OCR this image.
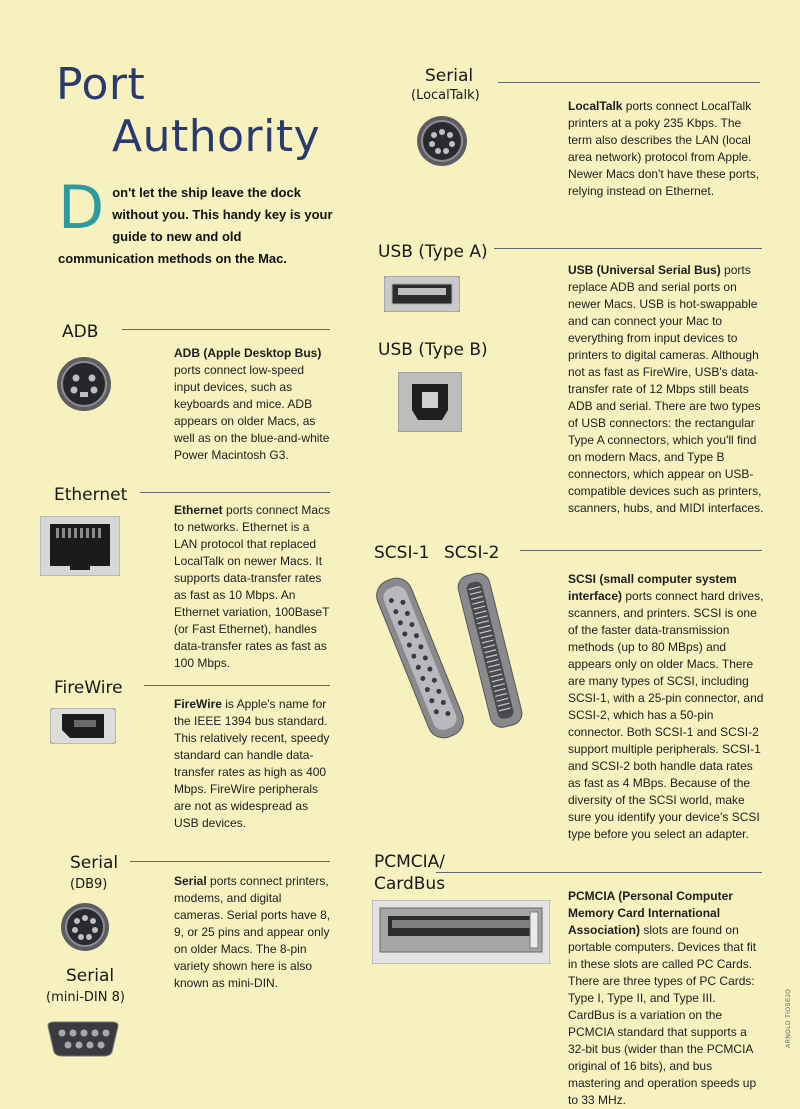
Port
Authority
D on't let the ship leave the dock without you. This handy key is your guide to new and old communication methods on the Mac.
ADB
ADB (Apple Desktop Bus) ports connect low-speed input devices, such as keyboards and mice. ADB appears on older Macs, as well as on the blue-and-white Power Macintosh G3.
Ethernet
Ethernet ports connect Macs to networks. Ethernet is a LAN protocol that replaced LocalTalk on newer Macs. It supports data-transfer rates as fast as 10 Mbps. An Ethernet variation, 100BaseT (or Fast Ethernet), handles data-transfer rates as fast as 100 Mbps.
FireWire
FireWire is Apple's name for the IEEE 1394 bus standard. This relatively recent, speedy standard can handle data-transfer rates as high as 400 Mbps. FireWire peripherals are not as widespread as USB devices.
Serial
(DB9)
Serial
(mini-DIN 8)
Serial ports connect printers, modems, and digital cameras. Serial ports have 8, 9, or 25 pins and appear only on older Macs. The 8-pin variety shown here is also known as mini-DIN.
Serial
(LocalTalk)
LocalTalk ports connect LocalTalk printers at a poky 235 Kbps. The term also describes the LAN (local area network) protocol from Apple. Newer Macs don't have these ports, relying instead on Ethernet.
USB (Type A)
USB (Type B)
USB (Universal Serial Bus) ports replace ADB and serial ports on newer Macs. USB is hot-swappable and can connect your Mac to everything from input devices to printers to digital cameras. Although not as fast as FireWire, USB's data-transfer rate of 12 Mbps still beats ADB and serial. There are two types of USB connectors: the rectangular Type A connectors, which you'll find on modern Macs, and Type B connectors, which appear on USB-compatible devices such as printers, scanners, hubs, and MIDI interfaces.
SCSI-1 SCSI-2
SCSI (small computer system interface) ports connect hard drives, scanners, and printers. SCSI is one of the faster data-transmission methods (up to 80 MBps) and appears only on older Macs. There are many types of SCSI, including SCSI-1, with a 25-pin connector, and SCSI-2, which has a 50-pin connector. Both SCSI-1 and SCSI-2 support multiple peripherals. SCSI-1 and SCSI-2 both handle data rates as fast as 4 MBps. Because of the diversity of the SCSI world, make sure you identify your device's SCSI type before you select an adapter.
PCMCIA/
CardBus
PCMCIA (Personal Computer Memory Card International Association) slots are found on portable computers. Devices that fit in these slots are called PC Cards. There are three types of PC Cards: Type I, Type II, and Type III. CardBus is a variation on the PCMCIA standard that supports a 32-bit bus (wider than the PCMCIA original of 16 bits), and bus mastering and operation speeds up to 33 MHz.
ARNOLD TIOSEJO
